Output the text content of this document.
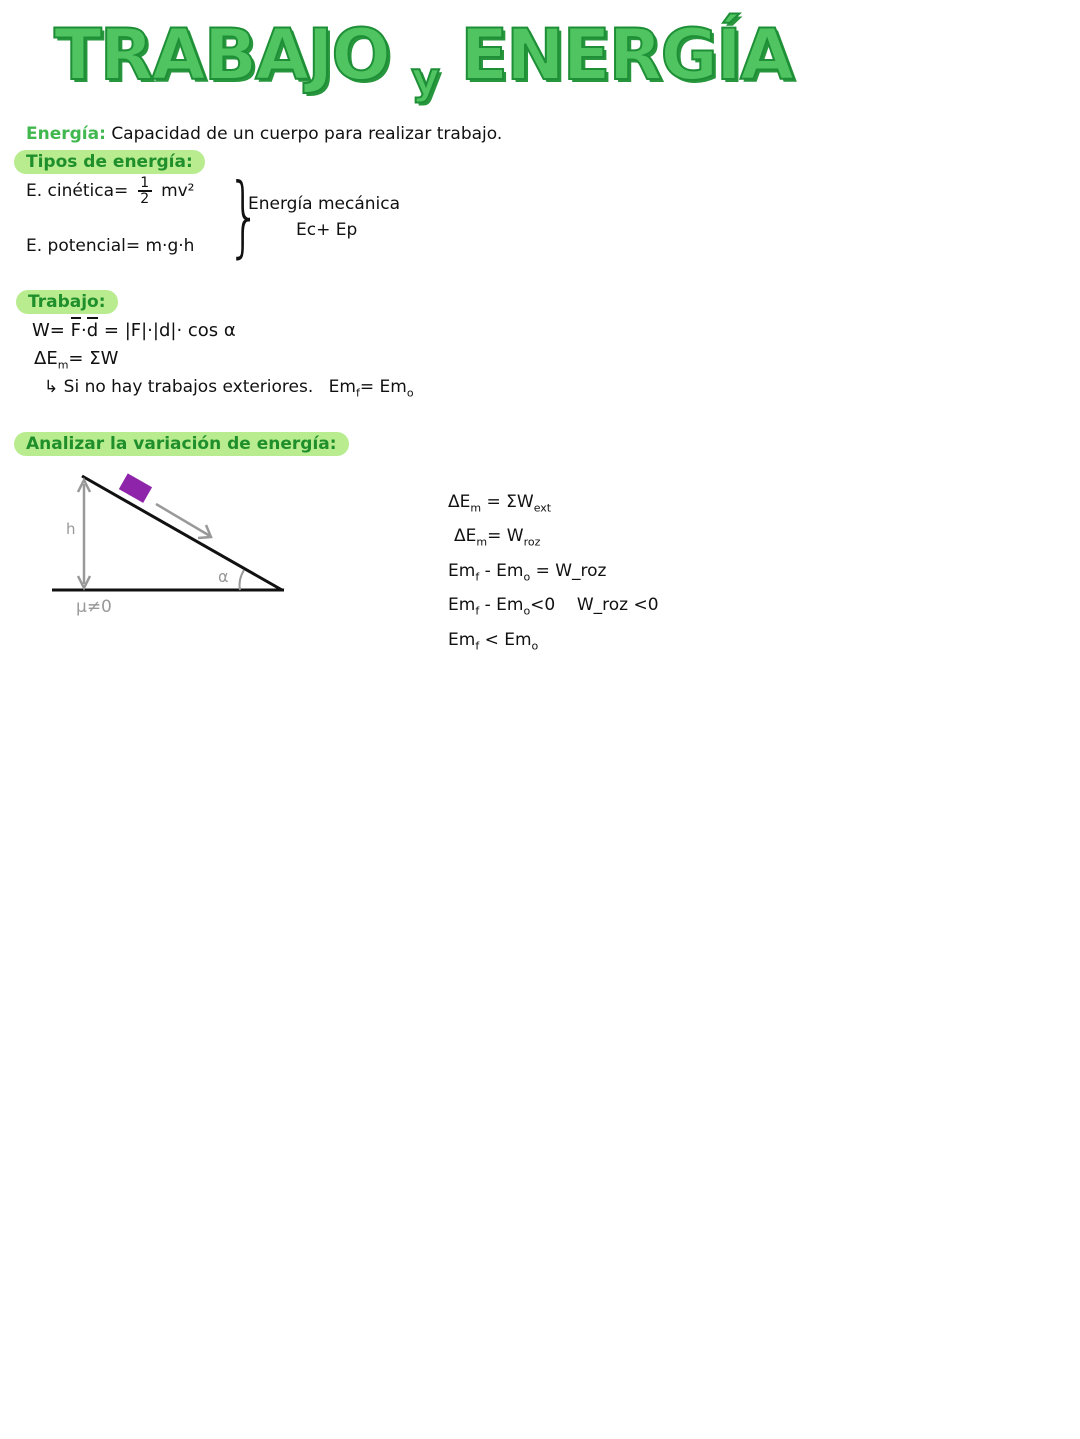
TRABAJO $_y$ ENERGÍA
Energía: Capacidad de un cuerpo para realizar trabajo.
Tipos de energía:
E. cinética= $\frac{1}{2} mv^2$
E. potencial= m·g·h }
Energía mecánica
Ec+ Ep
Trabajo:
W= F·d = |F|·|d|· cos α
$\Delta E_m= \Sigma W$
↳ Si no hay trabajos exteriores. $Em_f= Em_o$
Analizar la variación de energía:
h
α
μ≠0
$\Delta E_m = \Sigma W_{ext}$
$\Delta E_m= W_{roz}$
$Em_f - Em_o$ = W_roz
$Em_f - Em_o<0$    W_roz <0
$Em_f < Em_o$
